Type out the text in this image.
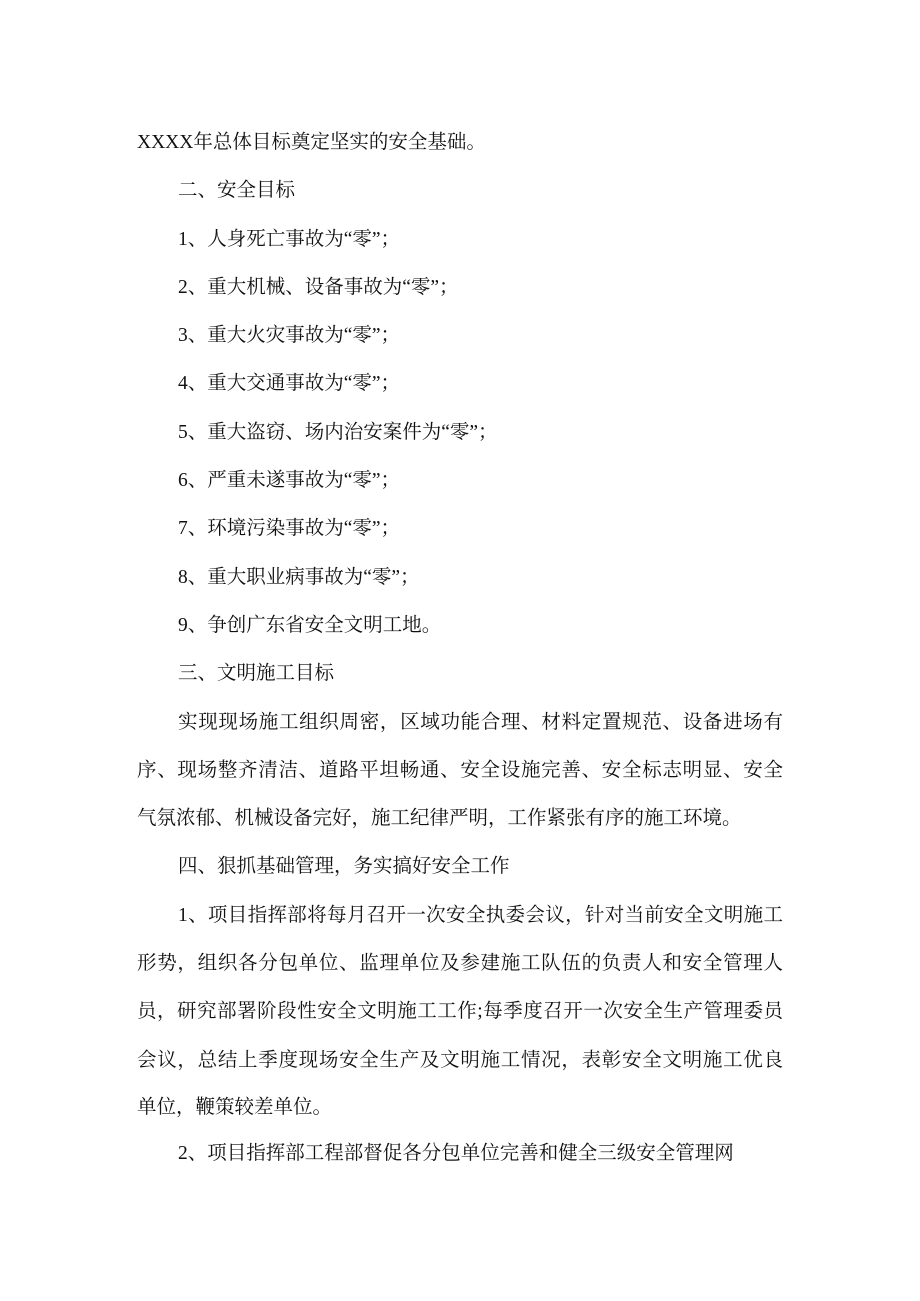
XXXX年总体目标奠定坚实的安全基础。
二、安全目标
1、人身死亡事故为“零”；
2、重大机械、设备事故为“零”；
3、重大火灾事故为“零”；
4、重大交通事故为“零”；
5、重大盗窃、场内治安案件为“零”；
6、严重未遂事故为“零”；
7、环境污染事故为“零”；
8、重大职业病事故为“零”；
9、争创广东省安全文明工地。
三、文明施工目标
实现现场施工组织周密，区域功能合理、材料定置规范、设备进场有
序、现场整齐清洁、道路平坦畅通、安全设施完善、安全标志明显、安全
气氛浓郁、机械设备完好，施工纪律严明，工作紧张有序的施工环境。
四、狠抓基础管理，务实搞好安全工作
1、项目指挥部将每月召开一次安全执委会议，针对当前安全文明施工
形势，组织各分包单位、监理单位及参建施工队伍的负责人和安全管理人
员，研究部署阶段性安全文明施工工作;每季度召开一次安全生产管理委员
会议，总结上季度现场安全生产及文明施工情况，表彰安全文明施工优良
单位，鞭策较差单位。
2、项目指挥部工程部督促各分包单位完善和健全三级安全管理网
